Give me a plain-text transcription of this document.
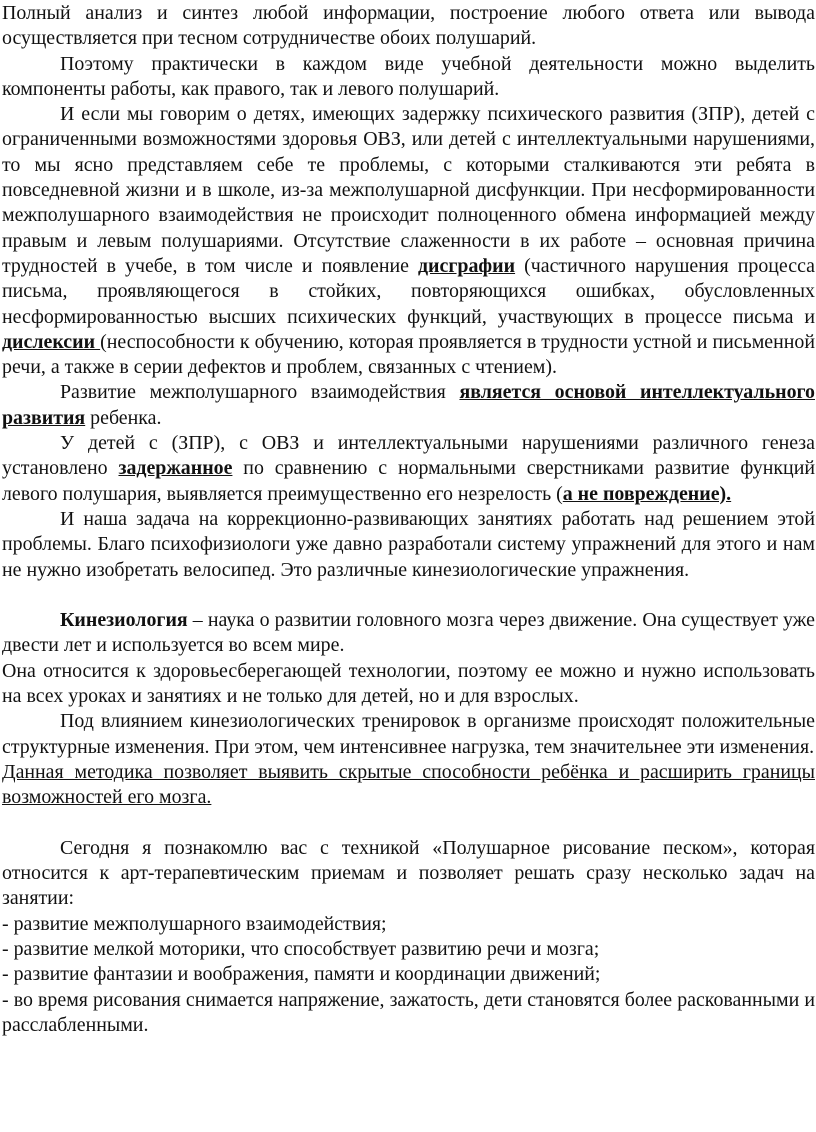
Полный анализ и синтез любой информации, построение любого ответа или вывода осуществляется при тесном сотрудничестве обоих полушарий.

Поэтому практически в каждом виде учебной деятельности можно выделить компоненты работы, как правого, так и левого полушарий.

И если мы говорим о детях, имеющих задержку психического развития (ЗПР), детей с ограниченными возможностями здоровья ОВЗ, или детей с интеллектуальными нарушениями, то мы ясно представляем себе те проблемы, с которыми сталкиваются эти ребята в повседневной жизни и в школе, из-за межполушарной дисфункции. При несформированности межполушарного взаимодействия не происходит полноценного обмена информацией между правым и левым полушариями. Отсутствие слаженности в их работе – основная причина трудностей в учебе, в том числе и появление дисграфии (частичного нарушения процесса письма, проявляющегося в стойких, повторяющихся ошибках, обусловленных несформированностью высших психических функций, участвующих в процессе письма и дислексии (неспособности к обучению, которая проявляется в трудности устной и письменной речи, а также в серии дефектов и проблем, связанных с чтением).

Развитие межполушарного взаимодействия является основой интеллектуального развития ребенка.

У детей с (ЗПР), с ОВЗ и интеллектуальными нарушениями различного генеза установлено задержанное по сравнению с нормальными сверстниками развитие функций левого полушария, выявляется преимущественно его незрелость (а не повреждение).

И наша задача на коррекционно-развивающих занятиях работать над решением этой проблемы. Благо психофизиологи уже давно разработали систему упражнений для этого и нам не нужно изобретать велосипед. Это различные кинезиологические упражнения.

Кинезиология – наука о развитии головного мозга через движение. Она существует уже двести лет и используется во всем мире.

Она относится к здоровьесберегающей технологии, поэтому ее можно и нужно использовать на всех уроках и занятиях и не только для детей, но и для взрослых.

Под влиянием кинезиологических тренировок в организме происходят положительные структурные изменения. При этом, чем интенсивнее нагрузка, тем значительнее эти изменения.

Данная методика позволяет выявить скрытые способности ребёнка и расширить границы возможностей его мозга.

Сегодня я познакомлю вас с техникой «Полушарное рисование песком», которая относится к арт-терапевтическим приемам и позволяет решать сразу несколько задач на занятии:

- развитие межполушарного взаимодействия;

- развитие мелкой моторики, что способствует развитию речи и мозга;

- развитие фантазии и воображения, памяти и координации движений;

- во время рисования снимается напряжение, зажатость, дети становятся более раскованными и расслабленными.
